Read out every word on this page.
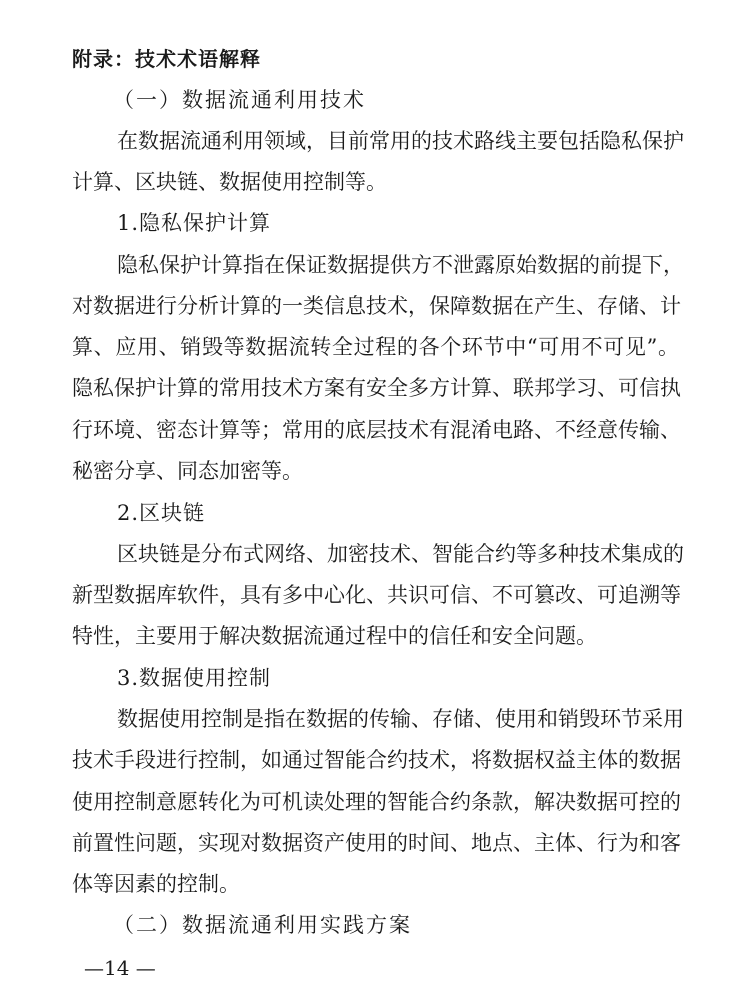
附录：技术术语解释
（一）数据流通利用技术
在数据流通利用领域，目前常用的技术路线主要包括隐私保护
计算、区块链、数据使用控制等。
1.隐私保护计算
隐私保护计算指在保证数据提供方不泄露原始数据的前提下，
对数据进行分析计算的一类信息技术，保障数据在产生、存储、计
算、应用、销毁等数据流转全过程的各个环节中“可用不可见”。
隐私保护计算的常用技术方案有安全多方计算、联邦学习、可信执
行环境、密态计算等；常用的底层技术有混淆电路、不经意传输、
秘密分享、同态加密等。
2.区块链
区块链是分布式网络、加密技术、智能合约等多种技术集成的
新型数据库软件，具有多中心化、共识可信、不可篡改、可追溯等
特性，主要用于解决数据流通过程中的信任和安全问题。
3.数据使用控制
数据使用控制是指在数据的传输、存储、使用和销毁环节采用
技术手段进行控制，如通过智能合约技术，将数据权益主体的数据
使用控制意愿转化为可机读处理的智能合约条款，解决数据可控的
前置性问题，实现对数据资产使用的时间、地点、主体、行为和客
体等因素的控制。
（二）数据流通利用实践方案
—14 —
